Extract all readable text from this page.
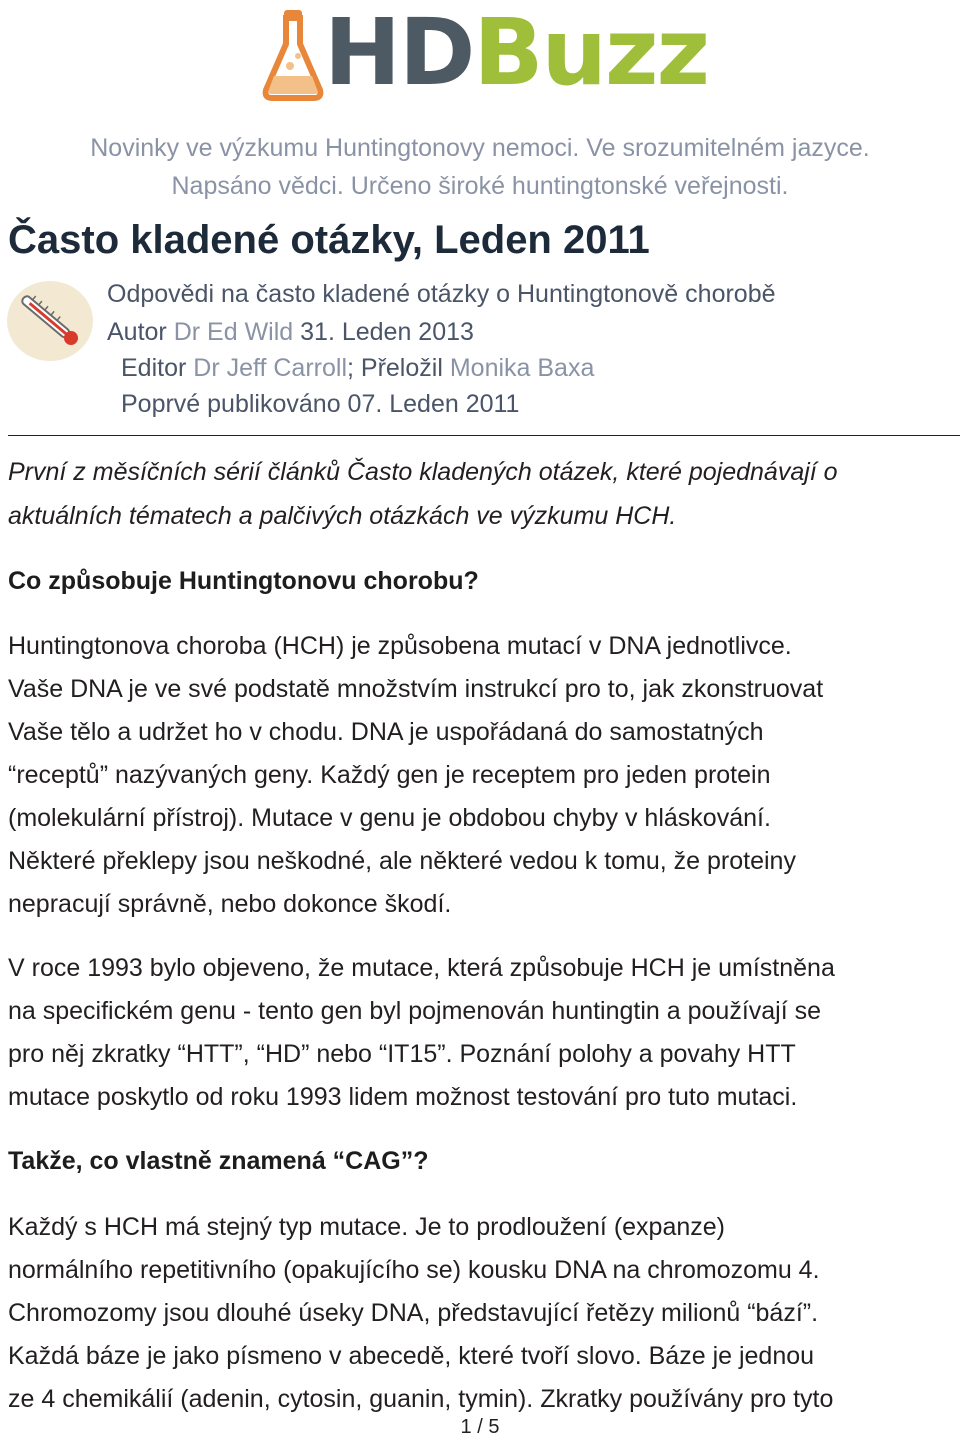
HDBuzz
Novinky ve výzkumu Huntingtonovy nemoci. Ve srozumitelném jazyce.
Napsáno vědci. Určeno široké huntingtonské veřejnosti.
Často kladené otázky, Leden 2011
Odpovědi na často kladené otázky o Huntingtonově chorobě
Autor Dr Ed Wild 31. Leden 2013
Editor Dr Jeff Carroll; Přeložil Monika Baxa
Poprvé publikováno 07. Leden 2011
První z měsíčních sérií článků Často kladených otázek, které pojednávají o
aktuálních tématech a palčivých otázkách ve výzkumu HCH.
Co způsobuje Huntingtonovu chorobu?
Huntingtonova choroba (HCH) je způsobena mutací v DNA jednotlivce.
Vaše DNA je ve své podstatě množstvím instrukcí pro to, jak zkonstruovat
Vaše tělo a udržet ho v chodu. DNA je uspořádaná do samostatných
“receptů” nazývaných geny. Každý gen je receptem pro jeden protein
(molekulární přístroj). Mutace v genu je obdobou chyby v hláskování.
Některé překlepy jsou neškodné, ale některé vedou k tomu, že proteiny
nepracují správně, nebo dokonce škodí.
V roce 1993 bylo objeveno, že mutace, která způsobuje HCH je umístněna
na specifickém genu - tento gen byl pojmenován huntingtin a používají se
pro něj zkratky “HTT”, “HD” nebo “IT15”. Poznání polohy a povahy HTT
mutace poskytlo od roku 1993 lidem možnost testování pro tuto mutaci.
Takže, co vlastně znamená “CAG”?
Každý s HCH má stejný typ mutace. Je to prodloužení (expanze)
normálního repetitivního (opakujícího se) kousku DNA na chromozomu 4.
Chromozomy jsou dlouhé úseky DNA, představující řetězy milionů “bází”.
Každá báze je jako písmeno v abecedě, které tvoří slovo. Báze je jednou
ze 4 chemikálií (adenin, cytosin, guanin, tymin). Zkratky používány pro tyto
1 / 5
